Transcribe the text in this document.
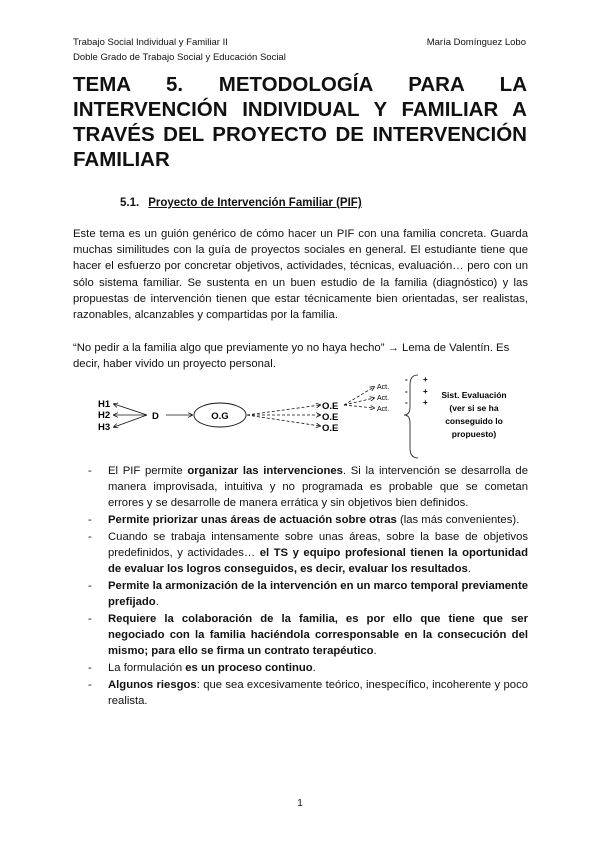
Trabajo Social Individual y Familiar II	María Domínguez Lobo
Doble Grado de Trabajo Social y Educación Social
TEMA 5. METODOLOGÍA PARA LA
INTERVENCIÓN INDIVIDUAL Y FAMILIAR A
TRAVÉS DEL PROYECTO DE INTERVENCIÓN
FAMILIAR
5.1. Proyecto de Intervención Familiar (PIF)
Este tema es un guión genérico de cómo hacer un PIF con una familia concreta. Guarda muchas similitudes con la guía de proyectos sociales en general. El estudiante tiene que hacer el esfuerzo por concretar objetivos, actividades, técnicas, evaluación… pero con un sólo sistema familiar. Se sustenta en un buen estudio de la familia (diagnóstico) y las propuestas de intervención tienen que estar técnicamente bien orientadas, ser realistas, razonables, alcanzables y compartidas por la familia.
“No pedir a la familia algo que previamente yo no haya hecho” → Lema de Valentín. Es decir, haber vivido un proyecto personal.
H1
H2
H3
D	O.G
O.E
O.E
O.E
Act.
Act.
Act.
- +
- +
- +
Sist. Evaluación
(ver si se ha
conseguido lo
propuesto)
- El PIF permite organizar las intervenciones. Si la intervención se desarrolla de manera improvisada, intuitiva y no programada es probable que se cometan errores y se desarrolle de manera errática y sin objetivos bien definidos.
- Permite priorizar unas áreas de actuación sobre otras (las más convenientes).
- Cuando se trabaja intensamente sobre unas áreas, sobre la base de objetivos predefinidos, y actividades… el TS y equipo profesional tienen la oportunidad de evaluar los logros conseguidos, es decir, evaluar los resultados.
- Permite la armonización de la intervención en un marco temporal previamente prefijado.
- Requiere la colaboración de la familia, es por ello que tiene que ser negociado con la familia haciéndola corresponsable en la consecución del mismo; para ello se firma un contrato terapéutico.
- La formulación es un proceso continuo.
- Algunos riesgos: que sea excesivamente teórico, inespecífico, incoherente y poco realista.
1
